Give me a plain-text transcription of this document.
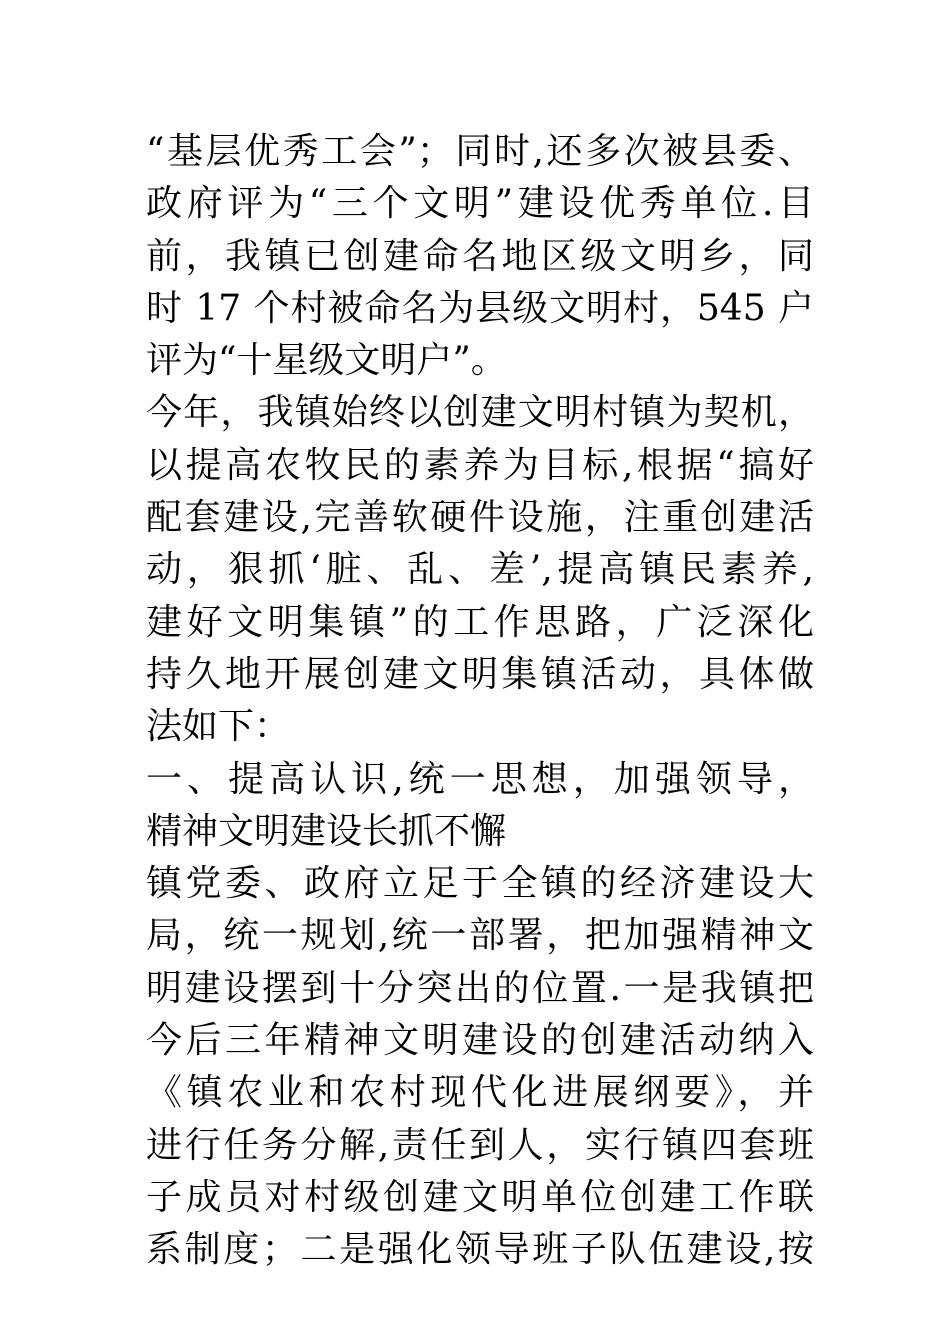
“基层优秀工会”；同时,还多次被县委、
政府评为“三个文明”建设优秀单位.目
前，我镇已创建命名地区级文明乡，同
时 17 个村被命名为县级文明村，545 户
评为“十星级文明户”。
今年，我镇始终以创建文明村镇为契机，
以提高农牧民的素养为目标,根据“搞好
配套建设,完善软硬件设施，注重创建活
动，狠抓‘脏、乱、差’,提高镇民素养,
建好文明集镇”的工作思路，广泛深化
持久地开展创建文明集镇活动，具体做
法如下：
一、提高认识,统一思想，加强领导，
精神文明建设长抓不懈
镇党委、政府立足于全镇的经济建设大
局，统一规划,统一部署，把加强精神文
明建设摆到十分突出的位置.一是我镇把
今后三年精神文明建设的创建活动纳入
《镇农业和农村现代化进展纲要》，并
进行任务分解,责任到人，实行镇四套班
子成员对村级创建文明单位创建工作联
系制度；二是强化领导班子队伍建设,按
